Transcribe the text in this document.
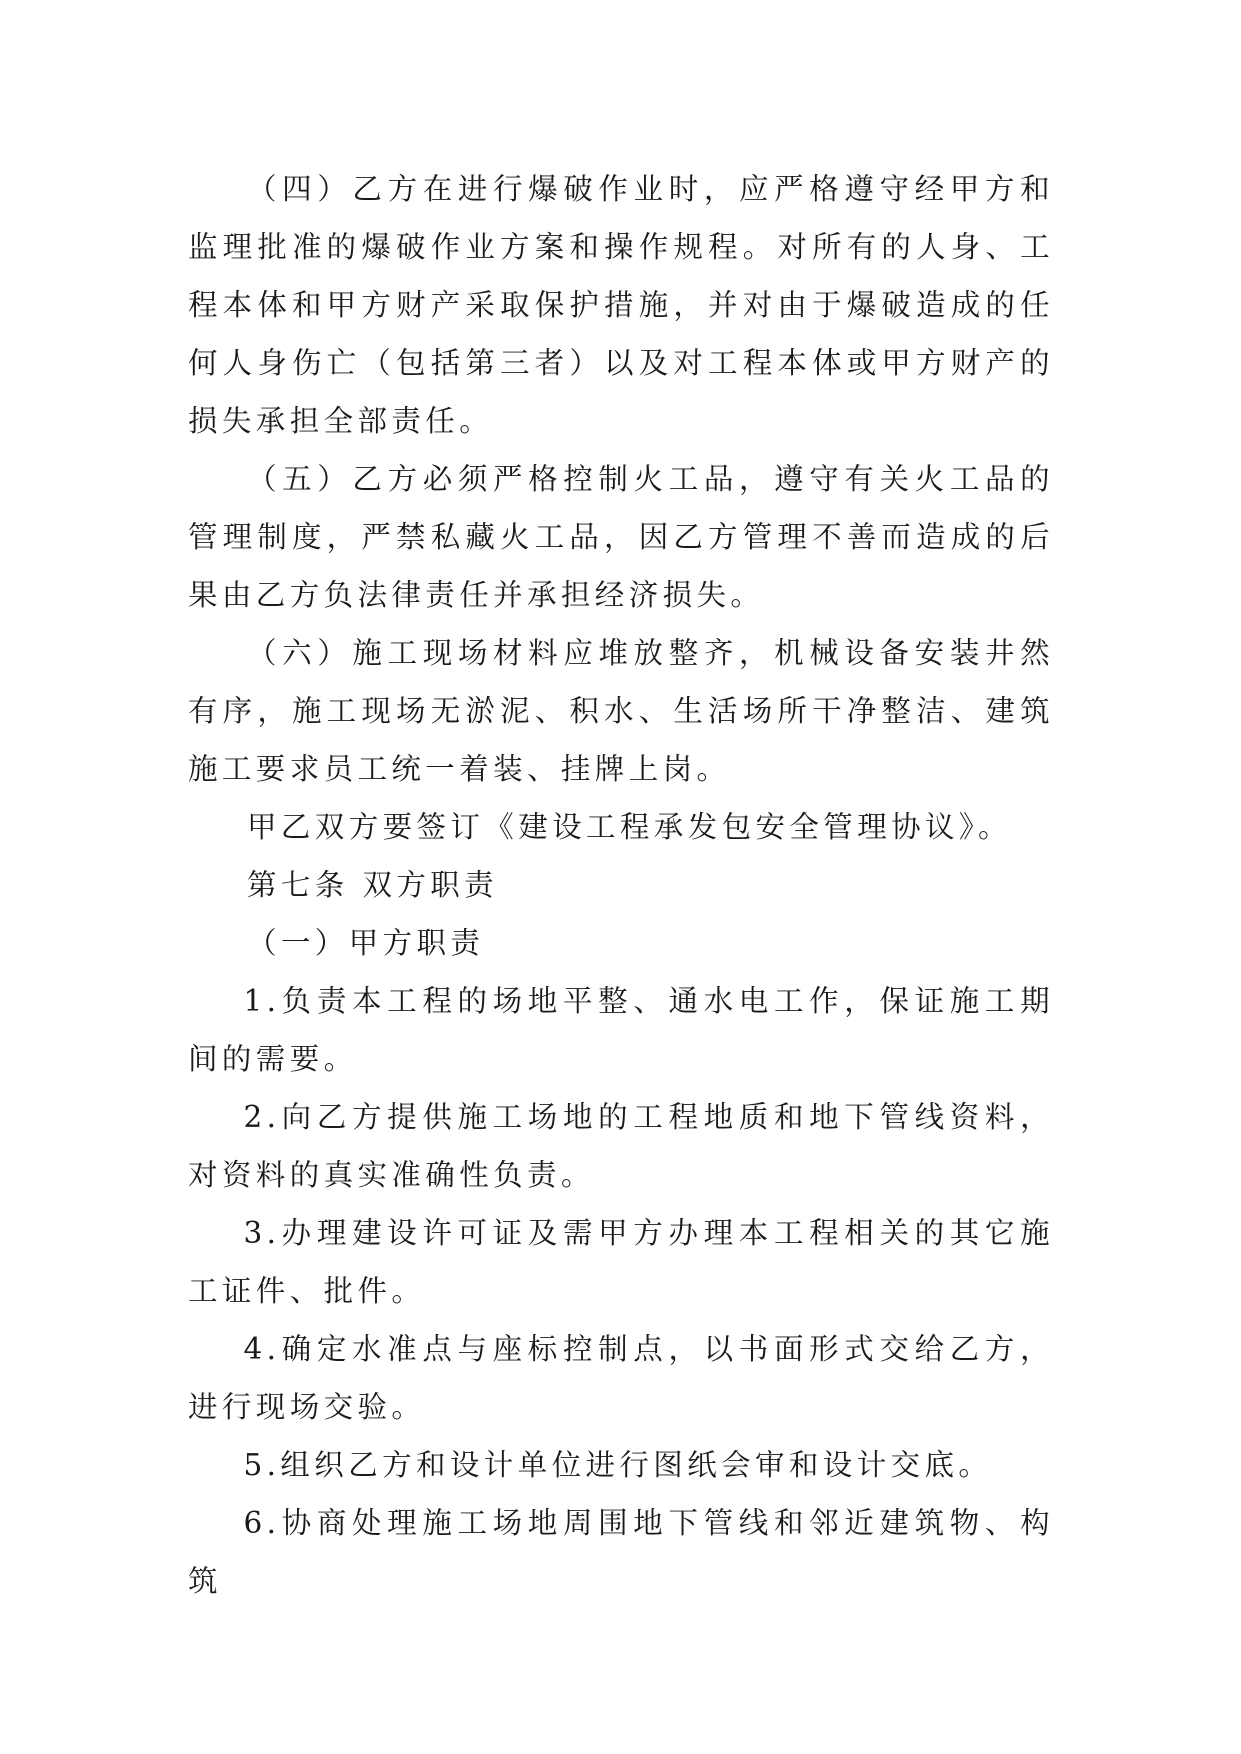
（四）乙方在进行爆破作业时，应严格遵守经甲方和监理批准的爆破作业方案和操作规程。对所有的人身、工程本体和甲方财产采取保护措施，并对由于爆破造成的任何人身伤亡（包括第三者）以及对工程本体或甲方财产的损失承担全部责任。

（五）乙方必须严格控制火工品，遵守有关火工品的管理制度，严禁私藏火工品，因乙方管理不善而造成的后果由乙方负法律责任并承担经济损失。

（六）施工现场材料应堆放整齐，机械设备安装井然有序，施工现场无淤泥、积水、生活场所干净整洁、建筑施工要求员工统一着装、挂牌上岗。

甲乙双方要签订《建设工程承发包安全管理协议》。

第七条 双方职责

（一）甲方职责

1.负责本工程的场地平整、通水电工作，保证施工期间的需要。

2.向乙方提供施工场地的工程地质和地下管线资料，对资料的真实准确性负责。

3.办理建设许可证及需甲方办理本工程相关的其它施工证件、批件。

4.确定水准点与座标控制点，以书面形式交给乙方，进行现场交验。

5.组织乙方和设计单位进行图纸会审和设计交底。

6.协商处理施工场地周围地下管线和邻近建筑物、构筑
